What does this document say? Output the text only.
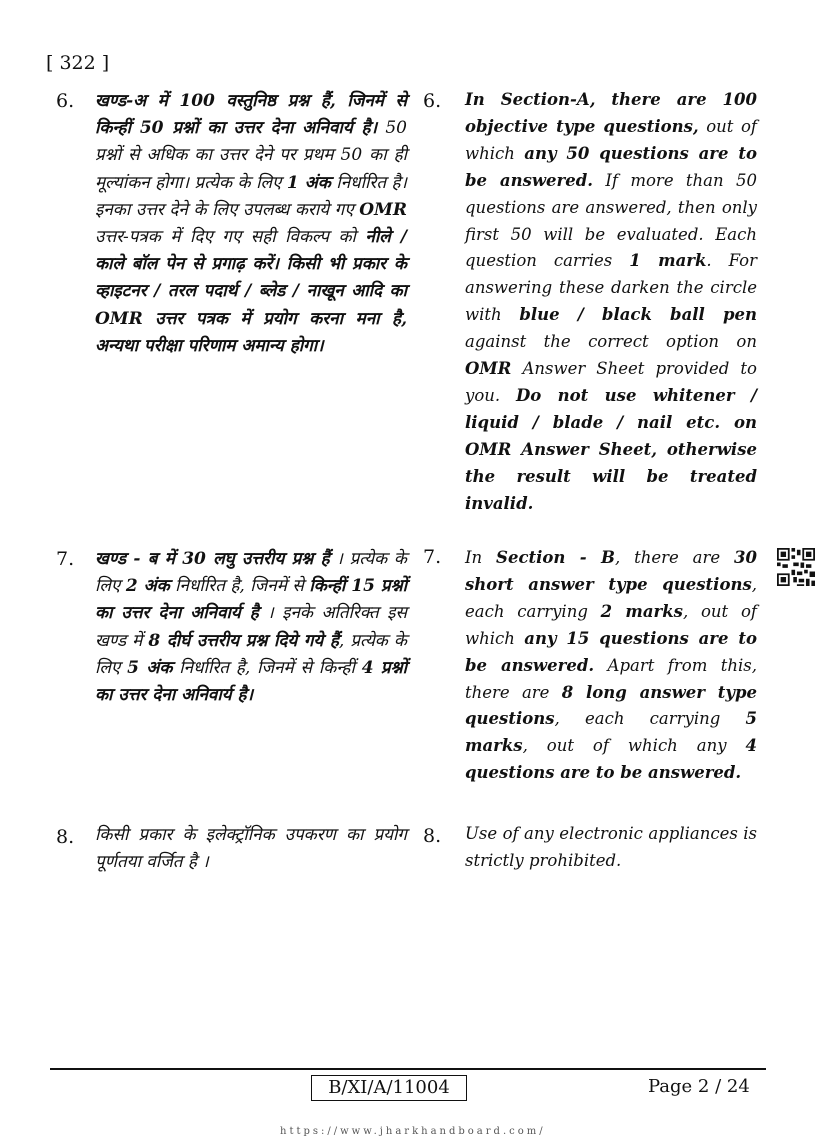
[ 322 ]
6. खण्ड-अ में 100 वस्तुनिष्ठ प्रश्न हैं, जिनमें से किन्हीं 50 प्रश्नों का उत्तर देना अनिवार्य है। 50 प्रश्नों से अधिक का उत्तर देने पर प्रथम 50 का ही मूल्यांकन होगा। प्रत्येक के लिए 1 अंक निर्धारित है। इनका उत्तर देने के लिए उपलब्ध कराये गए OMR उत्तर-पत्रक में दिए गए सही विकल्प को नीले / काले बॉल पेन से प्रगाढ़ करें। किसी भी प्रकार के व्हाइटनर / तरल पदार्थ / ब्लेड / नाखून आदि का OMR उत्तर पत्रक में प्रयोग करना मना है, अन्यथा परीक्षा परिणाम अमान्य होगा।
6. In Section-A, there are 100 objective type questions, out of which any 50 questions are to be answered. If more than 50 questions are answered, then only first 50 will be evaluated. Each question carries 1 mark. For answering these darken the circle with blue / black ball pen against the correct option on OMR Answer Sheet provided to you. Do not use whitener / liquid / blade / nail etc. on OMR Answer Sheet, otherwise the result will be treated invalid.
7. खण्ड - ब में 30 लघु उत्तरीय प्रश्न हैं । प्रत्येक के लिए 2 अंक निर्धारित है, जिनमें से किन्हीं 15 प्रश्नों का उत्तर देना अनिवार्य है । इनके अतिरिक्त इस खण्ड में 8 दीर्घ उत्तरीय प्रश्न दिये गये हैं, प्रत्येक के लिए 5 अंक निर्धारित है, जिनमें से किन्हीं 4 प्रश्नों का उत्तर देना अनिवार्य है।
7. In Section - B, there are 30 short answer type questions, each carrying 2 marks, out of which any 15 questions are to be answered. Apart from this, there are 8 long answer type questions, each carrying 5 marks, out of which any 4 questions are to be answered.
8. किसी प्रकार के इलेक्ट्रॉनिक उपकरण का प्रयोग पूर्णतया वर्जित है ।
8. Use of any electronic appliances is strictly prohibited.
B/XI/A/11004	Page 2 / 24
https://www.jharkhandboard.com/
